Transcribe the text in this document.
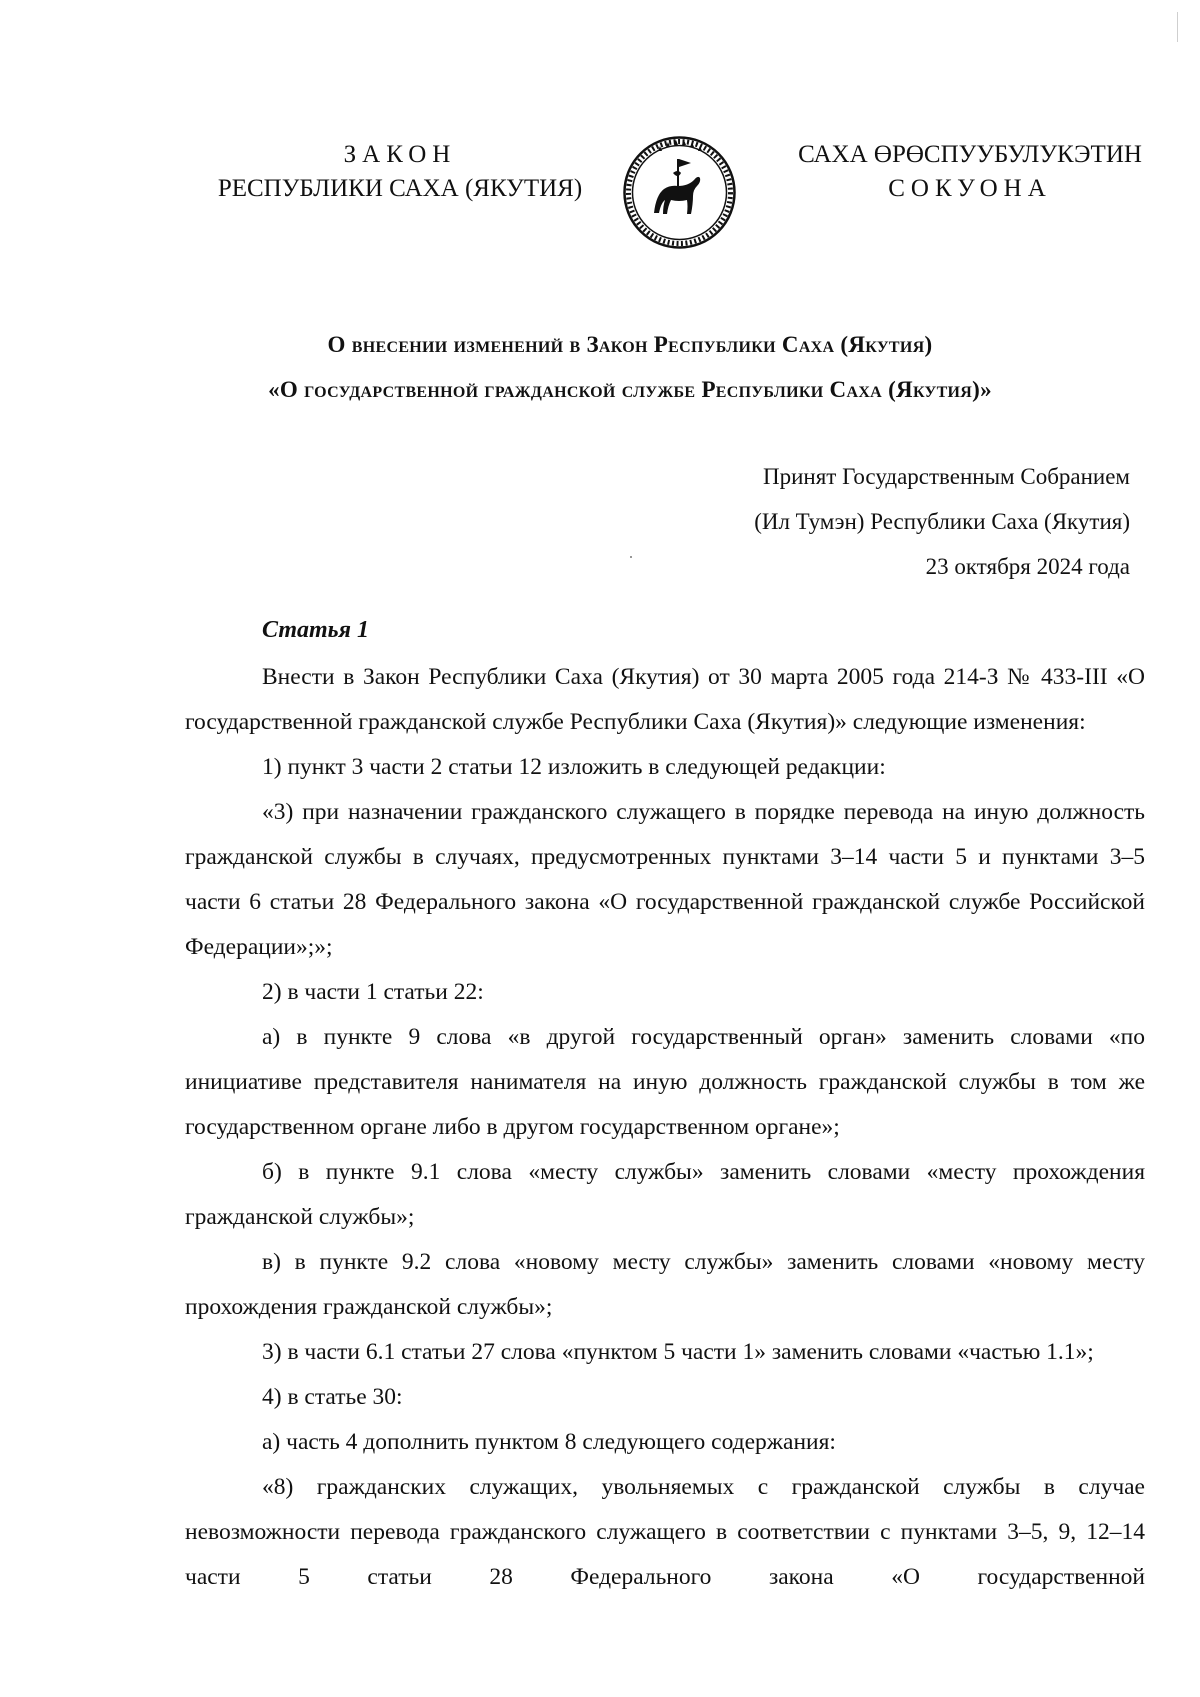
ЗАКОН
РЕСПУБЛИКИ САХА (ЯКУТИЯ)
САХА ӨРӨСПУУБУЛУКЭТИН
СОКУОНА
О внесении изменений в Закон Республики Саха (Якутия)
«О государственной гражданской службе Республики Саха (Якутия)»
Принят Государственным Собранием
(Ил Тумэн) Республики Саха (Якутия)
23 октября 2024 года
Статья 1

Внести в Закон Республики Саха (Якутия) от 30 марта 2005 года 214-З № 433-III «О государственной гражданской службе Республики Саха (Якутия)» следующие изменения:

1) пункт 3 части 2 статьи 12 изложить в следующей редакции:

«3) при назначении гражданского служащего в порядке перевода на иную должность гражданской службы в случаях, предусмотренных пунктами 3–14 части 5 и пунктами 3–5 части 6 статьи 28 Федерального закона «О государственной гражданской службе Российской Федерации»;»;

2) в части 1 статьи 22:

а) в пункте 9 слова «в другой государственный орган» заменить словами «по инициативе представителя нанимателя на иную должность гражданской службы в том же государственном органе либо в другом государственном органе»;

б) в пункте 9.1 слова «месту службы» заменить словами «месту прохождения гражданской службы»;

в) в пункте 9.2 слова «новому месту службы» заменить словами «новому месту прохождения гражданской службы»;

3) в части 6.1 статьи 27 слова «пунктом 5 части 1» заменить словами «частью 1.1»;

4) в статье 30:

а) часть 4 дополнить пунктом 8 следующего содержания:

«8) гражданских служащих, увольняемых с гражданской службы в случае невозможности перевода гражданского служащего в соответствии с пунктами 3–5, 9, 12–14 части 5 статьи 28 Федерального закона «О государственной
